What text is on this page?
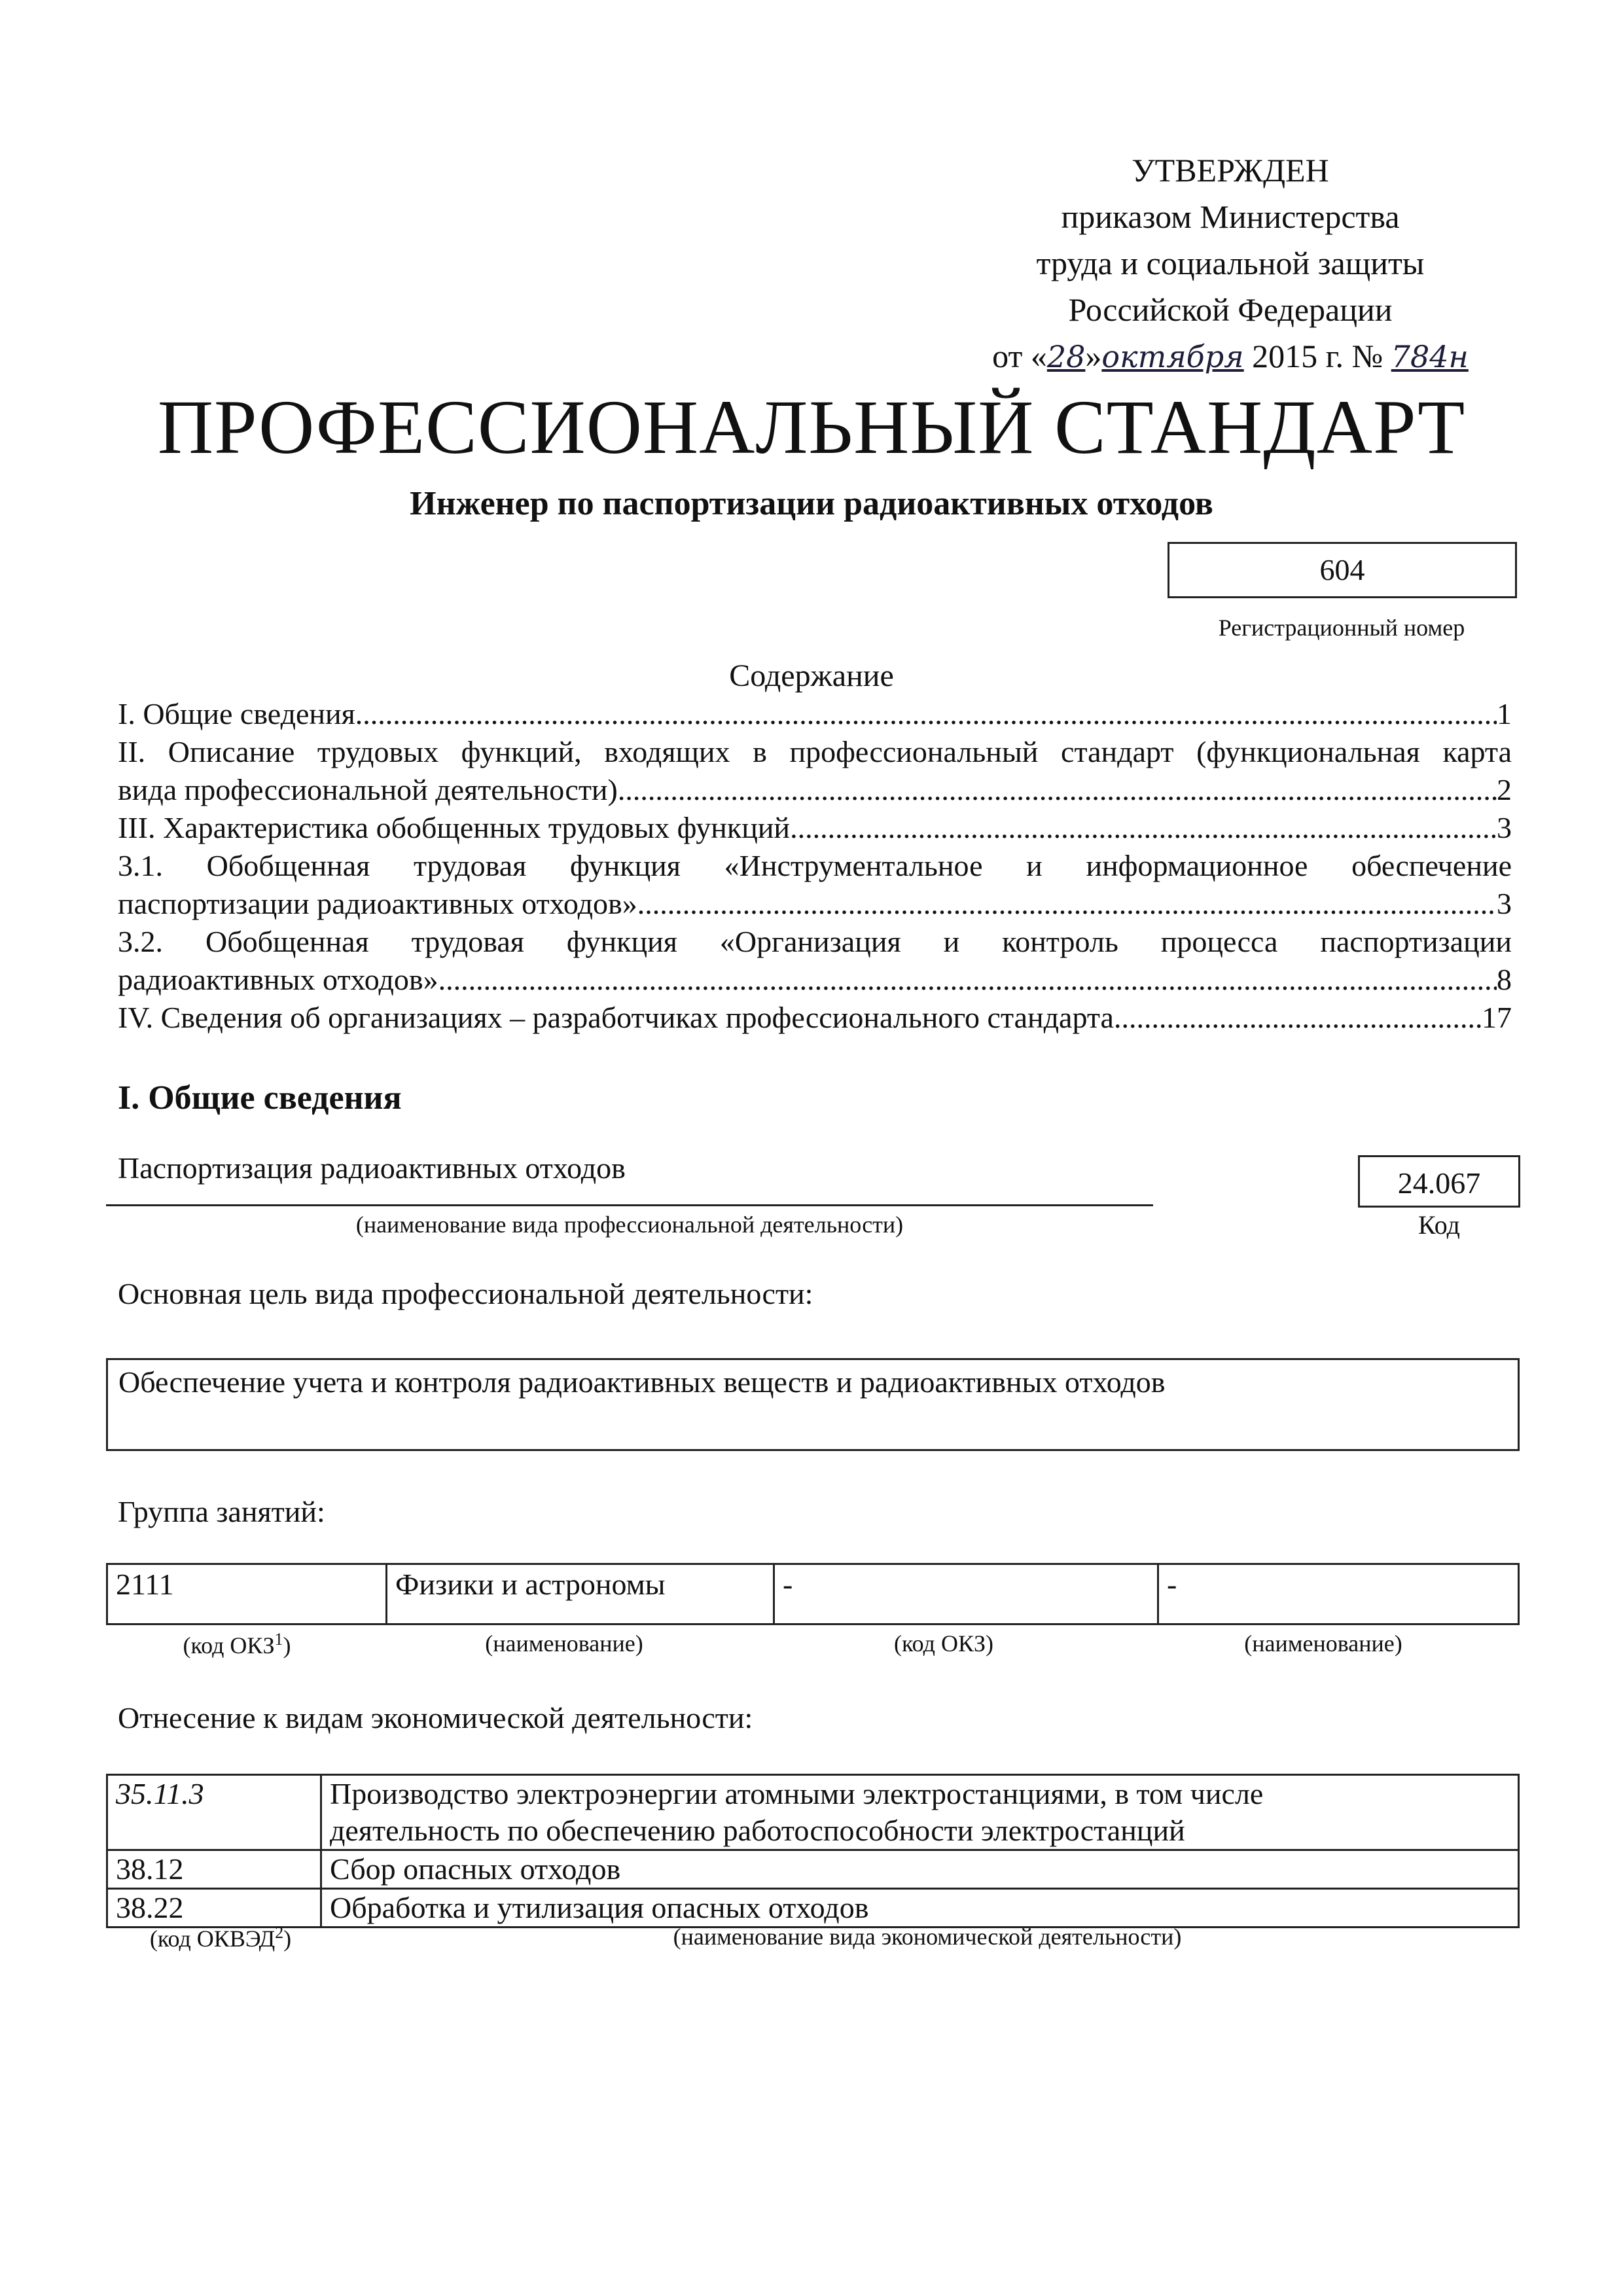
УТВЕРЖДЕН
приказом Министерства
труда и социальной защиты
Российской Федерации
от «28»октября 2015 г. № 784н
ПРОФЕССИОНАЛЬНЫЙ СТАНДАРТ
Инженер по паспортизации радиоактивных отходов
604
Регистрационный номер
Содержание
I. Общие сведения .....	1
II. Описание трудовых функций, входящих в профессиональный стандарт (функциональная карта
вида профессиональной деятельности) .....	2
III. Характеристика обобщенных трудовых функций .....	3
3.1. Обобщенная трудовая функция «Инструментальное и информационное обеспечение
паспортизации радиоактивных отходов» .....	3
3.2. Обобщенная трудовая функция «Организация и контроль процесса паспортизации
радиоактивных отходов» .....	8
IV. Сведения об организациях – разработчиках профессионального стандарта .....	17
I. Общие сведения
Паспортизация радиоактивных отходов
(наименование вида профессиональной деятельности)
24.067
Код
Основная цель вида профессиональной деятельности:
Обеспечение учета и контроля радиоактивных веществ и радиоактивных отходов
Группа занятий:
2111	Физики и астрономы	-	-
(код ОКЗ$^1$)	(наименование)	(код ОКЗ)	(наименование)
Отнесение к видам экономической деятельности:
35.11.3	Производство электроэнергии атомными электростанциями, в том числе
деятельность по обеспечению работоспособности электростанций

38.12	Сбор опасных отходов
38.22	Обработка и утилизация опасных отходов
(код ОКВЭД$^2$)	(наименование вида экономической деятельности)
